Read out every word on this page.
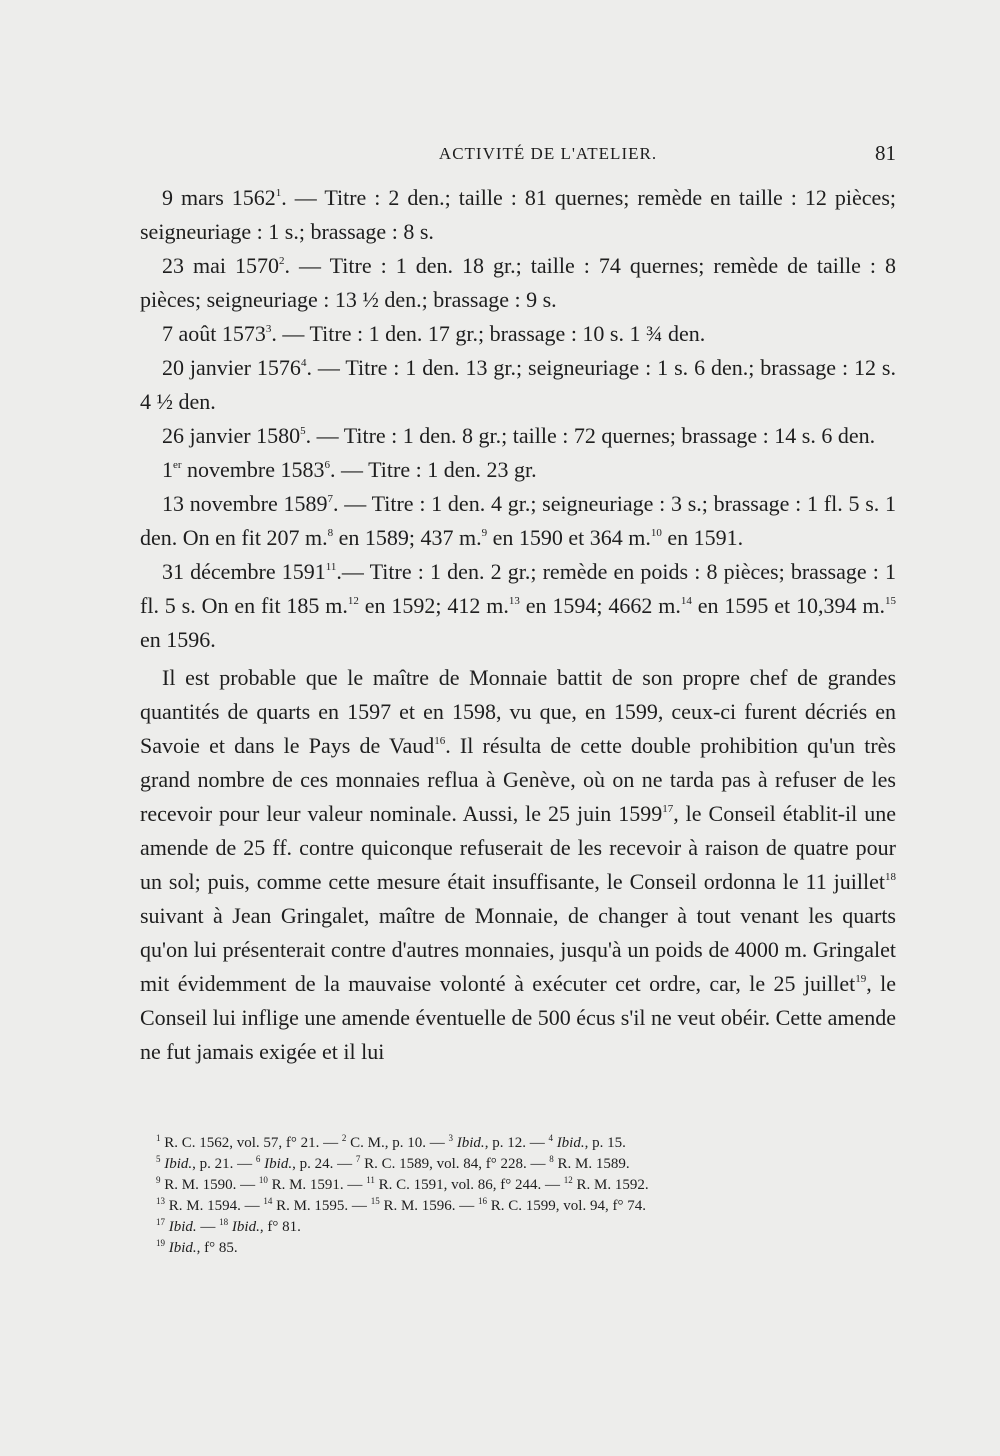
ACTIVITÉ DE L'ATELIER.	81

9 mars 1562$^1$. — Titre : 2 den.; taille : 81 quernes; remède en taille : 12 pièces; seigneuriage : 1 s.; brassage : 8 s.

23 mai 1570$^2$. — Titre : 1 den. 18 gr.; taille : 74 quernes; remède de taille : 8 pièces; seigneuriage : 13 ½ den.; brassage : 9 s.

7 août 1573$^3$. — Titre : 1 den. 17 gr.; brassage : 10 s. 1 ¾ den.

20 janvier 1576$^4$. — Titre : 1 den. 13 gr.; seigneuriage : 1 s. 6 den.; brassage : 12 s. 4 ½ den.

26 janvier 1580$^5$. — Titre : 1 den. 8 gr.; taille : 72 quernes; brassage : 14 s. 6 den.

1er novembre 1583$^6$. — Titre : 1 den. 23 gr.

13 novembre 1589$^7$. — Titre : 1 den. 4 gr.; seigneuriage : 3 s.; brassage : 1 fl. 5 s. 1 den. On en fit 207 m.$^8$ en 1589; 437 m.$^9$ en 1590 et 364 m.$^{10}$ en 1591.

31 décembre 1591$^{11}$.— Titre : 1 den. 2 gr.; remède en poids : 8 pièces; brassage : 1 fl. 5 s. On en fit 185 m.$^{12}$ en 1592; 412 m.$^{13}$ en 1594; 4662 m.$^{14}$ en 1595 et 10,394 m.$^{15}$ en 1596.

Il est probable que le maître de Monnaie battit de son propre chef de grandes quantités de quarts en 1597 et en 1598, vu que, en 1599, ceux-ci furent décriés en Savoie et dans le Pays de Vaud$^{16}$. Il résulta de cette double prohibition qu'un très grand nombre de ces monnaies reflua à Genève, où on ne tarda pas à refuser de les recevoir pour leur valeur nominale. Aussi, le 25 juin 1599$^{17}$, le Conseil établit-il une amende de 25 ff. contre quiconque refuserait de les recevoir à raison de quatre pour un sol; puis, comme cette mesure était insuffisante, le Conseil ordonna le 11 juillet$^{18}$ suivant à Jean Gringalet, maître de Monnaie, de changer à tout venant les quarts qu'on lui présenterait contre d'autres monnaies, jusqu'à un poids de 4000 m. Gringalet mit évidemment de la mauvaise volonté à exécuter cet ordre, car, le 25 juillet$^{19}$, le Conseil lui inflige une amende éventuelle de 500 écus s'il ne veut obéir. Cette amende ne fut jamais exigée et il lui

$^1$ R. C. 1562, vol. 57, f° 21. — $^2$ C. M., p. 10. — $^3$ Ibid., p. 12. — $^4$ Ibid., p. 15.

$^5$ Ibid., p. 21. — $^6$ Ibid., p. 24. — $^7$ R. C. 1589, vol. 84, f° 228. — $^8$ R. M. 1589.

$^9$ R. M. 1590. — $^{10}$ R. M. 1591. — $^{11}$ R. C. 1591, vol. 86, f° 244. — $^{12}$ R. M. 1592.

$^{13}$ R. M. 1594. — $^{14}$ R. M. 1595. — $^{15}$ R. M. 1596. — $^{16}$ R. C. 1599, vol. 94, f° 74.

$^{17}$ Ibid. — $^{18}$ Ibid., f° 81.

$^{19}$ Ibid., f° 85.
